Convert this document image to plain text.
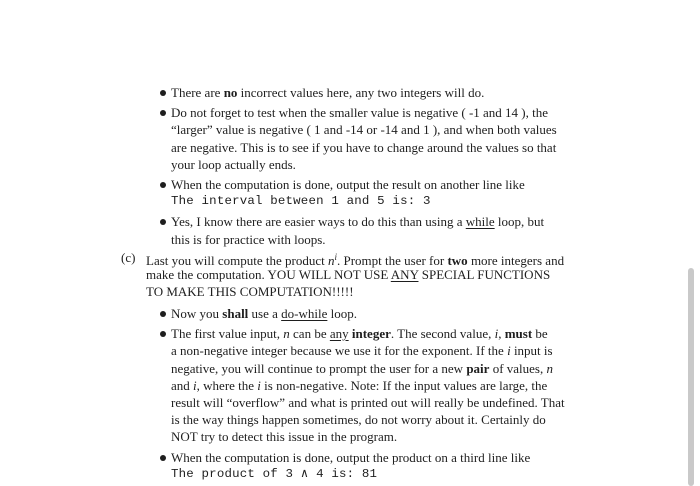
There are no incorrect values here, any two integers will do.
Do not forget to test when the smaller value is negative ( -1 and 14 ), the
“larger” value is negative ( 1 and -14 or -14 and 1 ), and when both values
are negative. This is to see if you have to change around the values so that
your loop actually ends.
When the computation is done, output the result on another line like
The interval between 1 and 5 is: 3
Yes, I know there are easier ways to do this than using a while loop, but
this is for practice with loops.
(c) Last you will compute the product $n^i$. Prompt the user for two more integers and
make the computation. YOU WILL NOT USE ANY SPECIAL FUNCTIONS
TO MAKE THIS COMPUTATION!!!!!
Now you shall use a do-while loop.
The first value input, n can be any integer. The second value, i, must be
a non-negative integer because we use it for the exponent. If the i input is
negative, you will continue to prompt the user for a new pair of values, n
and i, where the i is non-negative. Note: If the input values are large, the
result will “overflow” and what is printed out will really be undefined. That
is the way things happen sometimes, do not worry about it. Certainly do
NOT try to detect this issue in the program.
When the computation is done, output the product on a third line like
The product of 3 ∧ 4 is: 81
